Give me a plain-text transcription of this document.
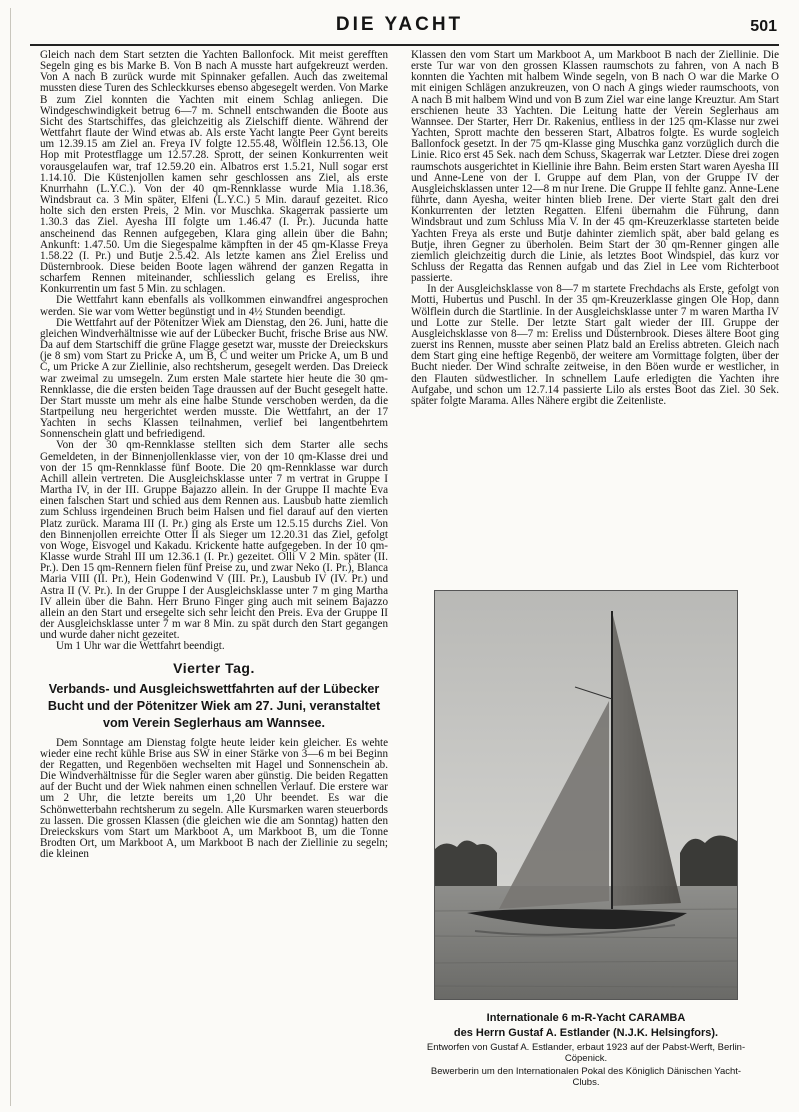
DIE YACHT	501

Gleich nach dem Start setzten die Yachten Ballonfock. Mit meist gerefften Segeln ging es bis Marke B. Von B nach A musste hart aufgekreuzt werden. Von A nach B zurück wurde mit Spinnaker gefallen. Auch das zweitemal mussten diese Turen des Schleckkurses ebenso abgesegelt werden. Von Marke B zum Ziel konnten die Yachten mit einem Schlag anliegen. Die Windgeschwindigkeit betrug 6—7 m. Schnell entschwanden die Boote aus Sicht des Startschiffes, das gleichzeitig als Zielschiff diente. Während der Wettfahrt flaute der Wind etwas ab. Als erste Yacht langte Peer Gynt bereits um 12.39.15 am Ziel an. Freya IV folgte 12.55.48, Wölflein 12.56.13, Ole Hop mit Protestflagge um 12.57.28. Sprott, der seinen Konkurrenten weit vorausgelaufen war, traf 12.59.20 ein. Albatros erst 1.5.21, Null sogar erst 1.14.10. Die Küstenjollen kamen sehr geschlossen ans Ziel, als erste Knurrhahn (L.Y.C.). Von der 40 qm-Rennklasse wurde Mia 1.18.36, Windsbraut ca. 3 Min später, Elfeni (L.Y.C.) 5 Min. darauf gezeitet. Rico holte sich den ersten Preis, 2 Min. vor Muschka. Skagerrak passierte um 1.30.3 das Ziel. Ayesha III folgte um 1.46.47 (I. Pr.). Jucunda hatte anscheinend das Rennen aufgegeben, Klara ging allein über die Bahn; Ankunft: 1.47.50. Um die Siegespalme kämpften in der 45 qm-Klasse Freya 1.58.22 (I. Pr.) und Butje 2.5.42. Als letzte kamen ans Ziel Ereliss und Düsternbrook. Diese beiden Boote lagen während der ganzen Regatta in scharfem Rennen miteinander, schliesslich gelang es Ereliss, ihre Konkurrentin um fast 5 Min. zu schlagen.

Die Wettfahrt kann ebenfalls als vollkommen einwandfrei angesprochen werden. Sie war vom Wetter begünstigt und in 4½ Stunden beendigt.

Die Wettfahrt auf der Pötenitzer Wiek am Dienstag, den 26. Juni, hatte die gleichen Windverhältnisse wie auf der Lübecker Bucht, frische Brise aus NW. Da auf dem Startschiff die grüne Flagge gesetzt war, musste der Dreieckskurs (je 8 sm) vom Start zu Pricke A, um B, C und weiter um Pricke A, um B und C, um Pricke A zur Ziellinie, also rechtsherum, gesegelt werden. Das Dreieck war zweimal zu umsegeln. Zum ersten Male startete hier heute die 30 qm-Rennklasse, die die ersten beiden Tage draussen auf der Bucht gesegelt hatte. Der Start musste um mehr als eine halbe Stunde verschoben werden, da die Startpeilung neu hergerichtet werden musste. Die Wettfahrt, an der 17 Yachten in sechs Klassen teilnahmen, verlief bei langentbehrtem Sonnenschein glatt und befriedigend.

Von der 30 qm-Rennklasse stellten sich dem Starter alle sechs Gemeldeten, in der Binnenjollenklasse vier, von der 10 qm-Klasse drei und von der 15 qm-Rennklasse fünf Boote. Die 20 qm-Rennklasse war durch Achill allein vertreten. Die Ausgleichsklasse unter 7 m vertrat in Gruppe I Martha IV, in der III. Gruppe Bajazzo allein. In der Gruppe II machte Eva einen falschen Start und schied aus dem Rennen aus. Lausbub hatte ziemlich zum Schluss irgendeinen Bruch beim Halsen und fiel darauf auf den vierten Platz zurück. Marama III (I. Pr.) ging als Erste um 12.5.15 durchs Ziel. Von den Binnenjollen erreichte Otter II als Sieger um 12.20.31 das Ziel, gefolgt von Woge, Eisvogel und Kakadu. Krickente hatte aufgegeben. In der 10 qm-Klasse wurde Strahl III um 12.36.1 (I. Pr.) gezeitet. Olli V 2 Min. später (II. Pr.). Den 15 qm-Rennern fielen fünf Preise zu, und zwar Neko (I. Pr.), Blanca Maria VIII (II. Pr.), Hein Godenwind V (III. Pr.), Lausbub IV (IV. Pr.) und Astra II (V. Pr.). In der Gruppe I der Ausgleichsklasse unter 7 m ging Martha IV allein über die Bahn. Herr Bruno Finger ging auch mit seinem Bajazzo allein an den Start und ersegelte sich sehr leicht den Preis. Eva der Gruppe II der Ausgleichsklasse unter 7 m war 8 Min. zu spät durch den Start gegangen und wurde daher nicht gezeitet.

Um 1 Uhr war die Wettfahrt beendigt.

Vierter Tag.
Verbands- und Ausgleichswettfahrten auf der Lübecker Bucht und der Pötenitzer Wiek am 27. Juni, veranstaltet vom Verein Seglerhaus am Wannsee.

Dem Sonntage am Dienstag folgte heute leider kein gleicher. Es wehte wieder eine recht kühle Brise aus SW in einer Stärke von 3—6 m bei Beginn der Regatten, und Regenböen wechselten mit Hagel und Sonnenschein ab. Die Windverhältnisse für die Segler waren aber günstig. Die beiden Regatten auf der Bucht und der Wiek nahmen einen schnellen Verlauf. Die erstere war um 2 Uhr, die letzte bereits um 1,20 Uhr beendet. Es war die Schönwetterbahn rechtsherum zu segeln. Alle Kursmarken waren steuerbords zu lassen. Die grossen Klassen (die gleichen wie die am Sonntag) hatten den Dreieckskurs vom Start um Markboot A, um Markboot B, um die Tonne Brodten Ort, um Markboot A, um Markboot B nach der Ziellinie zu segeln; die kleinen

Klassen den vom Start um Markboot A, um Markboot B nach der Ziellinie. Die erste Tur war von den grossen Klassen raumschots zu fahren, von A nach B konnten die Yachten mit halbem Winde segeln, von B nach O war die Marke O mit einigen Schlägen anzukreuzen, von O nach A gings wieder raumschoots, von A nach B mit halbem Wind und von B zum Ziel war eine lange Kreuztur. Am Start erschienen heute 33 Yachten. Die Leitung hatte der Verein Seglerhaus am Wannsee. Der Starter, Herr Dr. Rakenius, entliess in der 125 qm-Klasse nur zwei Yachten, Sprott machte den besseren Start, Albatros folgte. Es wurde sogleich Ballonfock gesetzt. In der 75 qm-Klasse ging Muschka ganz vorzüglich durch die Linie. Rico erst 45 Sek. nach dem Schuss, Skagerrak war Letzter. Diese drei zogen raumschots ausgerichtet in Kiellinie ihre Bahn. Beim ersten Start waren Ayesha III und Anne-Lene von der I. Gruppe auf dem Plan, von der Gruppe IV der Ausgleichsklassen unter 12—8 m nur Irene. Die Gruppe II fehlte ganz. Anne-Lene führte, dann Ayesha, weiter hinten blieb Irene. Der vierte Start galt den drei Konkurrenten der letzten Regatten. Elfeni übernahm die Führung, dann Windsbraut und zum Schluss Mia V. In der 45 qm-Kreuzerklasse starteten beide Yachten Freya als erste und Butje dahinter ziemlich spät, aber bald gelang es Butje, ihren Gegner zu überholen. Beim Start der 30 qm-Renner gingen alle ziemlich gleichzeitig durch die Linie, als letztes Boot Windspiel, das kurz vor Schluss der Regatta das Rennen aufgab und das Ziel in Lee vom Richterboot passierte.

In der Ausgleichsklasse von 8—7 m startete Frechdachs als Erste, gefolgt von Motti, Hubertus und Puschl. In der 35 qm-Kreuzerklasse gingen Ole Hop, dann Wölflein durch die Startlinie. In der Ausgleichsklasse unter 7 m waren Martha IV und Lotte zur Stelle. Der letzte Start galt wieder der III. Gruppe der Ausgleichsklasse von 8—7 m: Ereliss und Düsternbrook. Dieses ältere Boot ging zuerst ins Rennen, musste aber seinen Platz bald an Ereliss abtreten. Gleich nach dem Start ging eine heftige Regenbö, der weitere am Vormittage folgten, über der Bucht nieder. Der Wind schralte zeitweise, in den Böen wurde er westlicher, in den Flauten südwestlicher. In schnellem Laufe erledigten die Yachten ihre Aufgabe, und schon um 12.7.14 passierte Lilo als erstes Boot das Ziel. 30 Sek. später folgte Marama. Alles Nähere ergibt die Zeitenliste.

Internationale 6 m-R-Yacht CARAMBA
des Herrn Gustaf A. Estlander (N.J.K. Helsingfors).
Entworfen von Gustaf A. Estlander, erbaut 1923 auf der Pabst-Werft, Berlin-Cöpenick.
Bewerberin um den Internationalen Pokal des Königlich Dänischen Yacht-Clubs.
